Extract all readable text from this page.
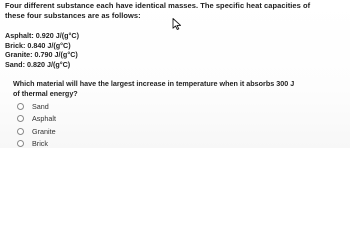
Four different substance each have identical masses. The specific heat capacities of
these four substances are as follows:
Asphalt: 0.920 J/(g°C)
Brick: 0.840 J/(g°C)
Granite: 0.790 J/(g°C)
Sand: 0.820 J/(g°C)
Which material will have the largest increase in temperature when it absorbs 300 J
of thermal energy?
Sand
Asphalt
Granite
Brick
